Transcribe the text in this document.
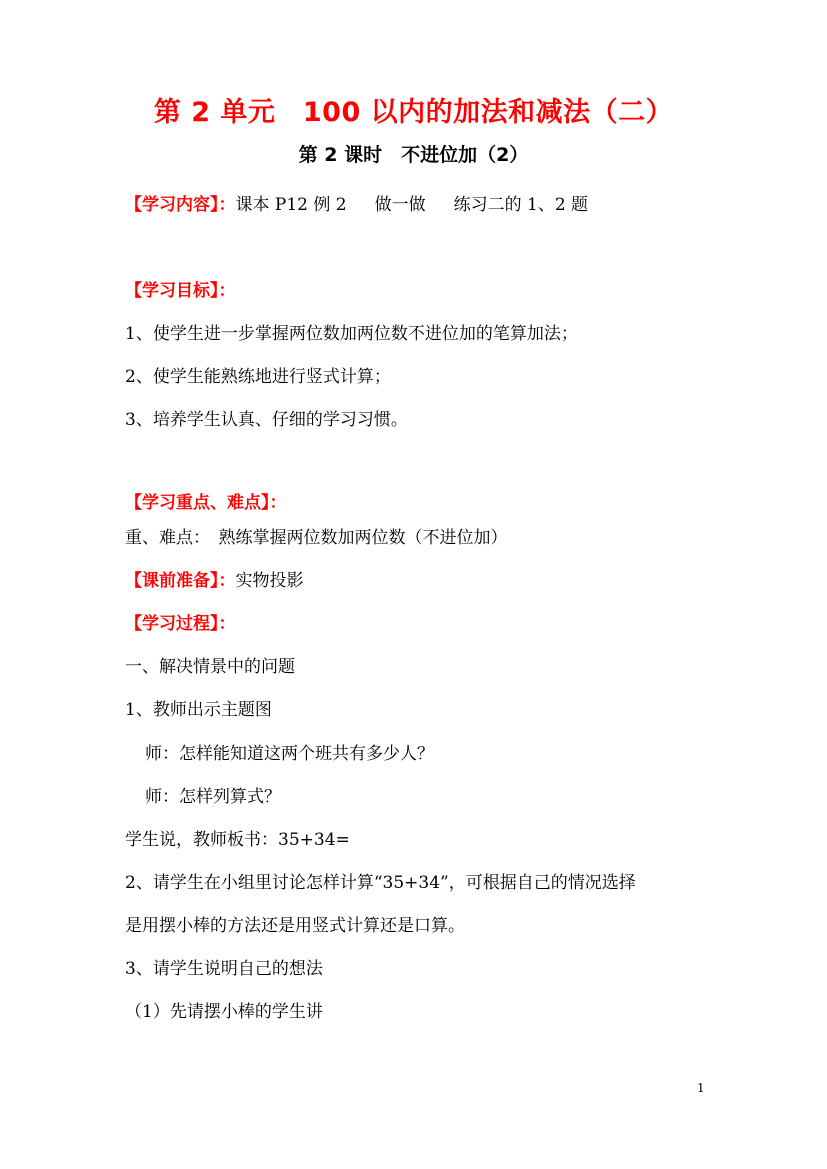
第 2 单元　100 以内的加法和减法（二）
第 2 课时　不进位加（2）
【学习内容】：课本 P12 例 2 做一做 练习二的 1、2 题
【学习目标】：
1、使学生进一步掌握两位数加两位数不进位加的笔算加法；
2、使学生能熟练地进行竖式计算；
3、培养学生认真、仔细的学习习惯。
【学习重点、难点】：
重、难点：　熟练掌握两位数加两位数（不进位加）
【课前准备】：实物投影
【学习过程】：
一、解决情景中的问题
1、教师出示主题图
师：怎样能知道这两个班共有多少人？
师：怎样列算式？
学生说，教师板书：35+34=
2、请学生在小组里讨论怎样计算“35+34”，可根据自己的情况选择
是用摆小棒的方法还是用竖式计算还是口算。
3、请学生说明自己的想法
（1）先请摆小棒的学生讲
1
